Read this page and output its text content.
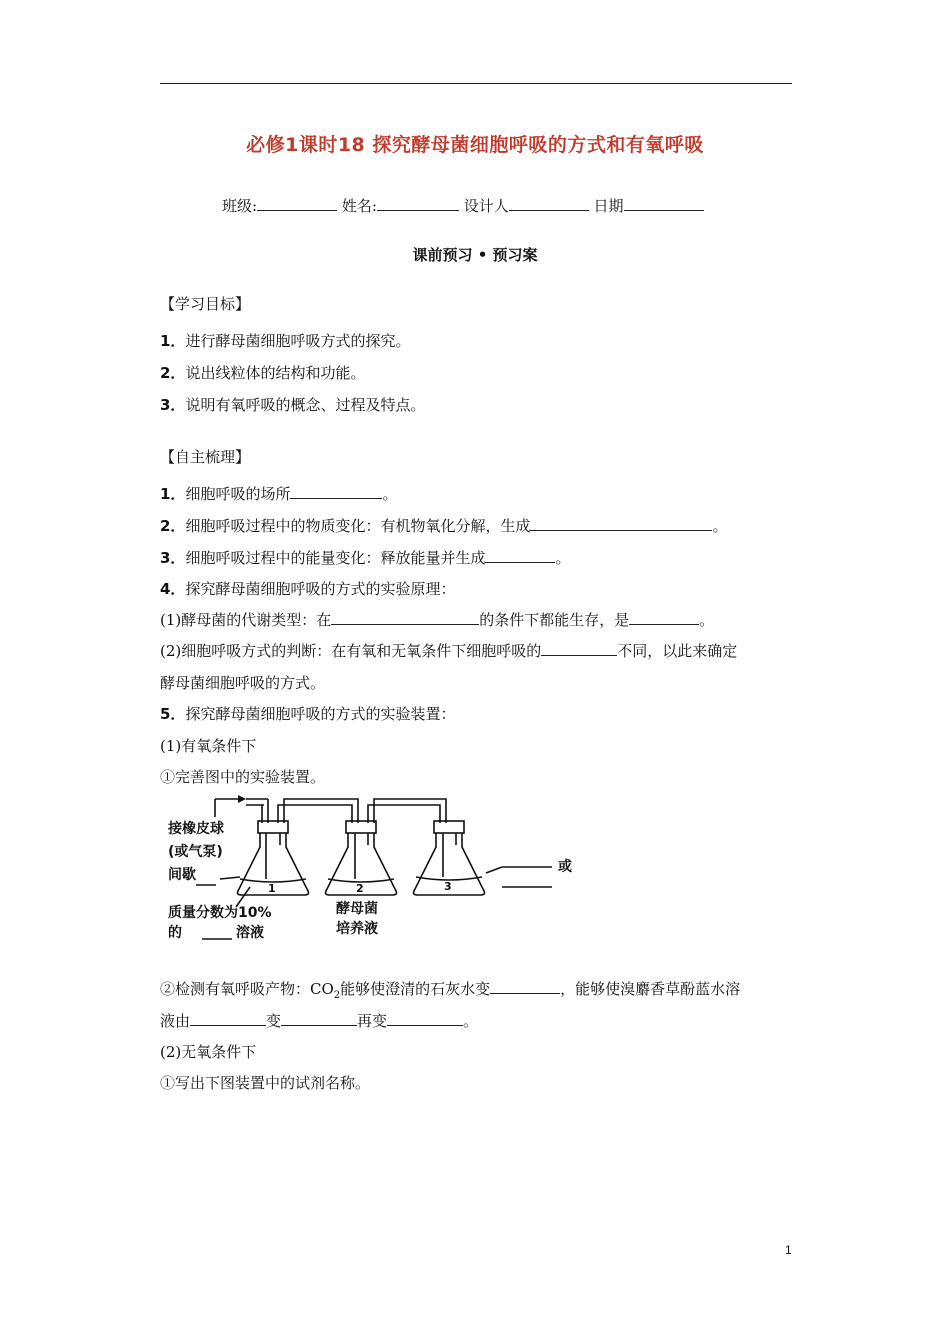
必修1课时18 探究酵母菌细胞呼吸的方式和有氧呼吸
班级:	姓名:	设计人	日期
课前预习 • 预习案
【学习目标】
1．进行酵母菌细胞呼吸方式的探究。
2．说出线粒体的结构和功能。
3．说明有氧呼吸的概念、过程及特点。
【自主梳理】
1．细胞呼吸的场所	。
2．细胞呼吸过程中的物质变化：有机物氧化分解，生成	。
3．细胞呼吸过程中的能量变化：释放能量并生成	。
4．探究酵母菌细胞呼吸的方式的实验原理：
(1)酵母菌的代谢类型：在	的条件下都能生存，是	。
(2)细胞呼吸方式的判断：在有氧和无氧条件下细胞呼吸的	不同，以此来确定
酵母菌细胞呼吸的方式。
5．探究酵母菌细胞呼吸的方式的实验装置：
(1)有氧条件下
①完善图中的实验装置。
接橡皮球
(或气泵)
间歇
质量分数为10%
的	溶液
酵母菌
培养液
1	2	3
或
②检测有氧呼吸产物：$CO_2$能够使澄清的石灰水变	，能够使溴麝香草酚蓝水溶
液由	变	再变	。
(2)无氧条件下
①写出下图装置中的试剂名称。
1
